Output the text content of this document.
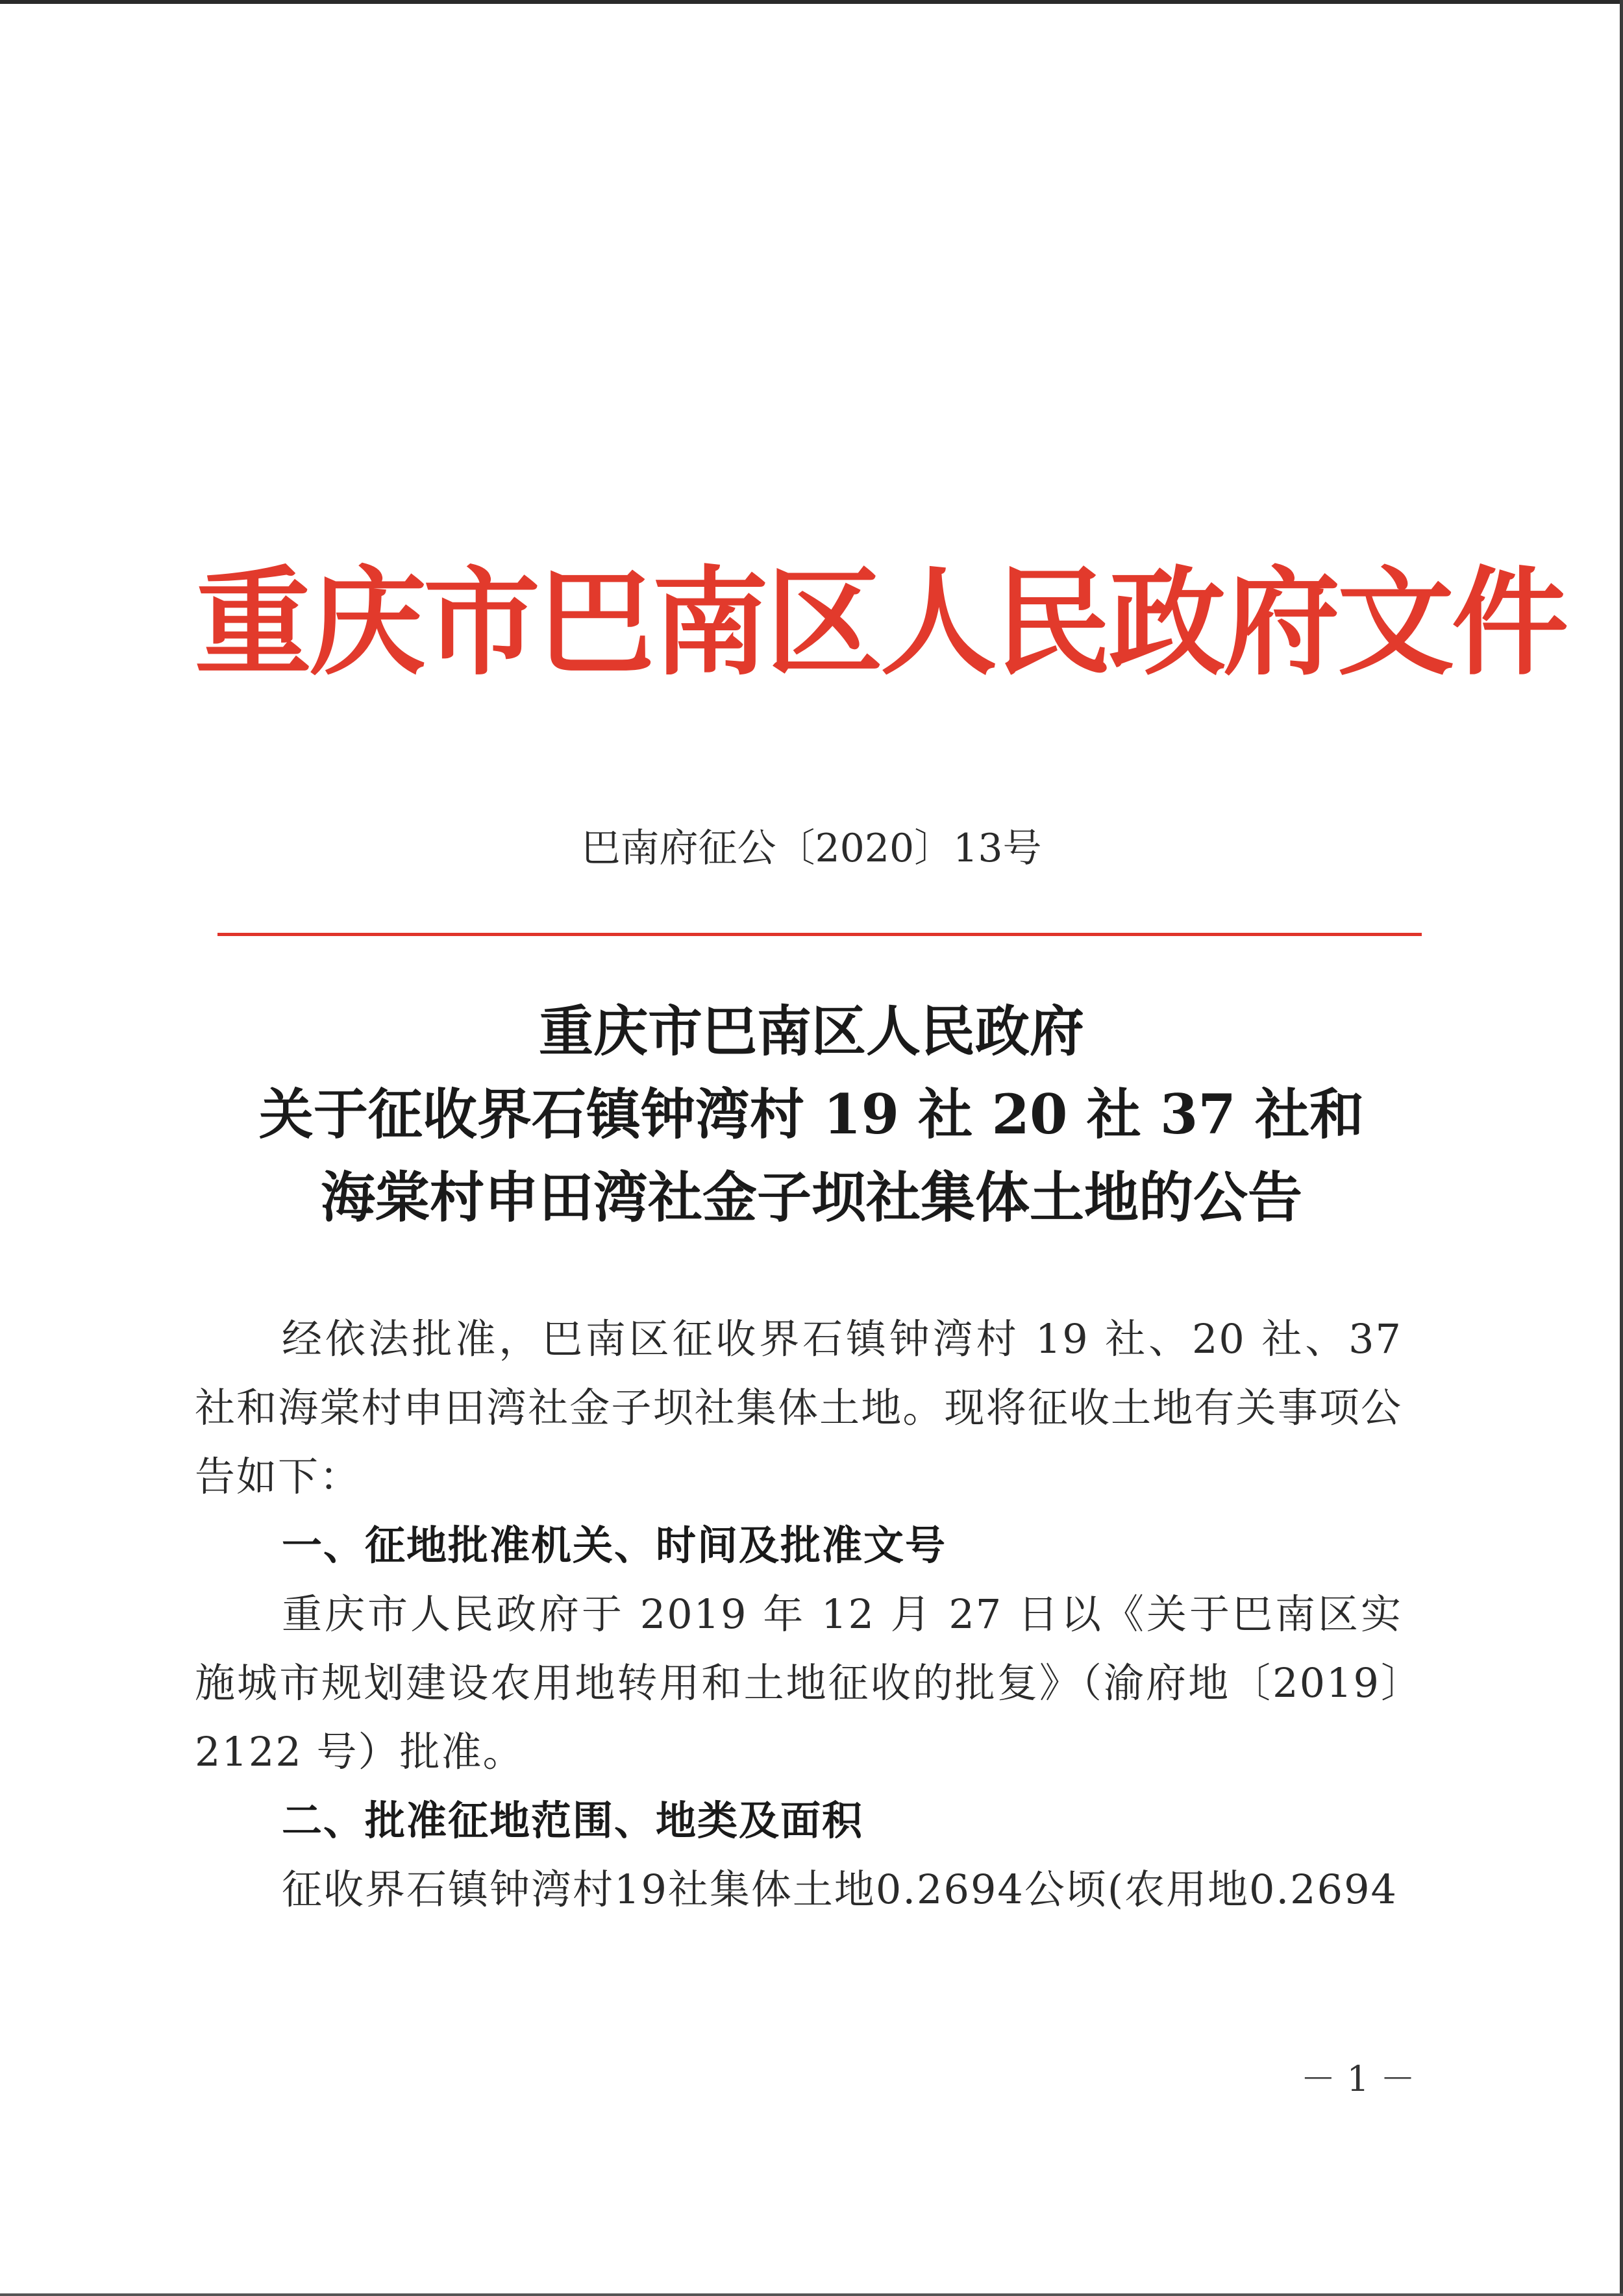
重庆市巴南区人民政府文件
巴南府征公〔2020〕13号
重庆市巴南区人民政府
关于征收界石镇钟湾村 19 社 20 社 37 社和
海棠村申田湾社金子坝社集体土地的公告

经依法批准，巴南区征收界石镇钟湾村 19 社、20 社、37 社和海棠村申田湾社金子坝社集体土地。现将征收土地有关事项公告如下：

一、征地批准机关、时间及批准文号

重庆市人民政府于 2019 年 12 月 27 日以《关于巴南区实施城市规划建设农用地转用和土地征收的批复》（渝府地〔2019〕2122 号）批准。

二、批准征地范围、地类及面积

征收界石镇钟湾村19社集体土地0.2694公顷(农用地0.2694

－ 1 －
